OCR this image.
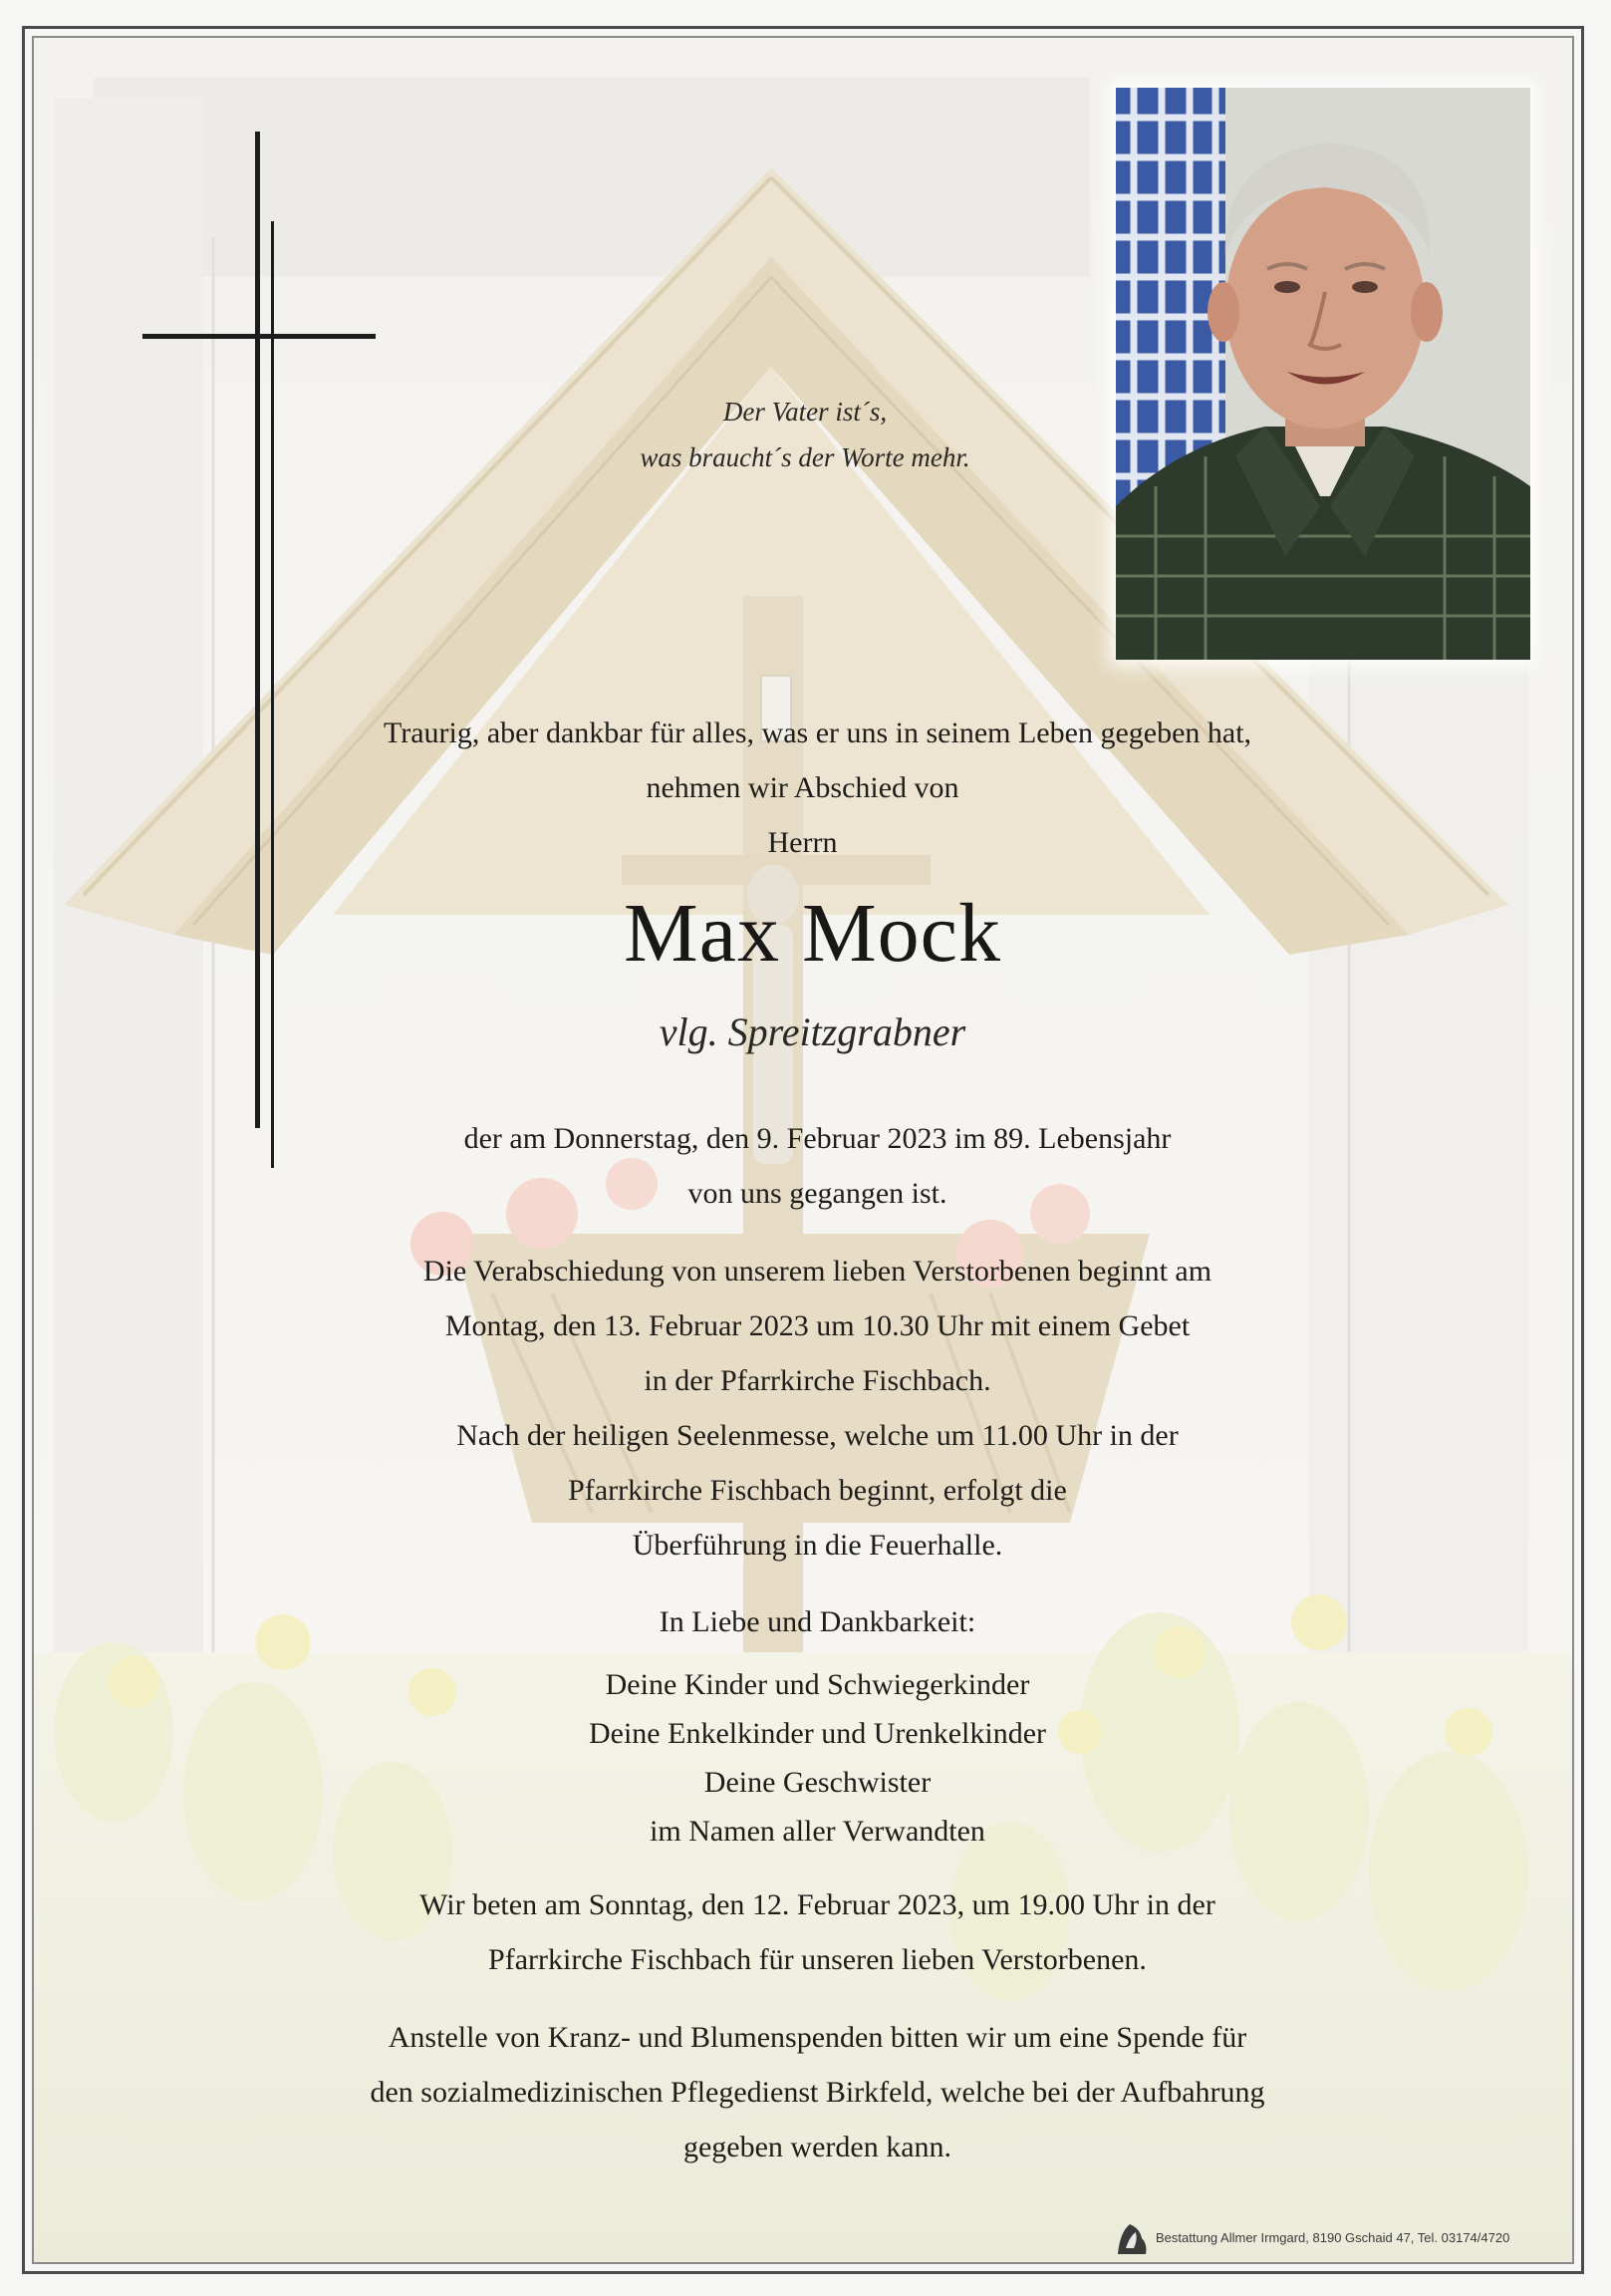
Der Vater ist´s,
was braucht´s der Worte mehr.
Traurig, aber dankbar für alles, was er uns in seinem Leben gegeben hat,
nehmen wir Abschied von
Herrn
Max Mock
vlg. Spreitzgrabner
der am Donnerstag, den 9. Februar 2023 im 89. Lebensjahr
von uns gegangen ist.
Die Verabschiedung von unserem lieben Verstorbenen beginnt am
Montag, den 13. Februar 2023 um 10.30 Uhr mit einem Gebet
in der Pfarrkirche Fischbach.
Nach der heiligen Seelenmesse, welche um 11.00 Uhr in der
Pfarrkirche Fischbach beginnt, erfolgt die
Überführung in die Feuerhalle.
In Liebe und Dankbarkeit:
Deine Kinder und Schwiegerkinder
Deine Enkelkinder und Urenkelkinder
Deine Geschwister
im Namen aller Verwandten
Wir beten am Sonntag, den 12. Februar 2023, um 19.00 Uhr in der
Pfarrkirche Fischbach für unseren lieben Verstorbenen.
Anstelle von Kranz- und Blumenspenden bitten wir um eine Spende für
den sozialmedizinischen Pflegedienst Birkfeld, welche bei der Aufbahrung
gegeben werden kann.
Bestattung Allmer Irmgard, 8190 Gschaid 47, Tel. 03174/4720
